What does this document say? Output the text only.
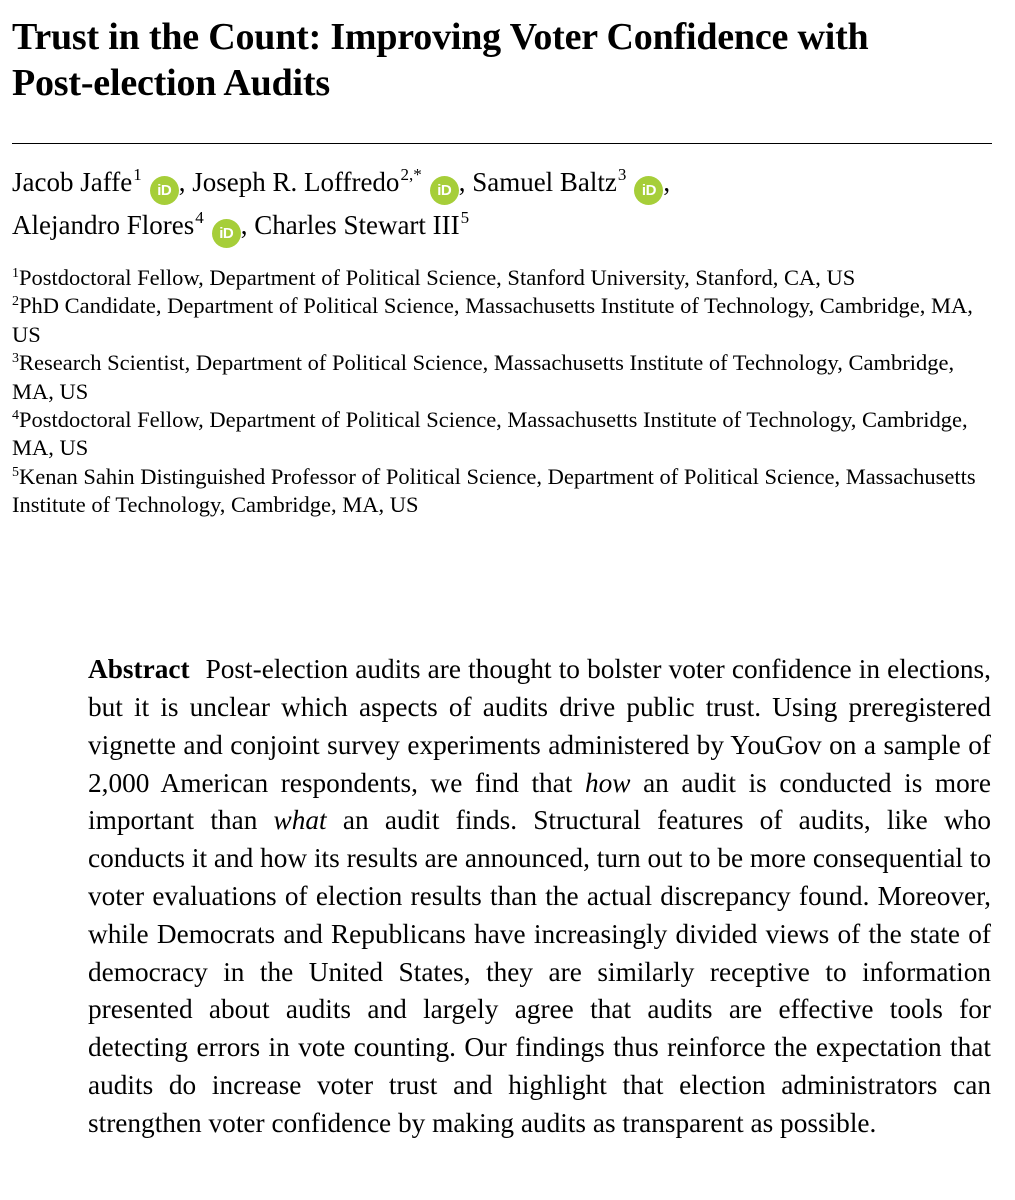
Trust in the Count: Improving Voter Confidence with
Post-election Audits
Jacob Jaffe$^1$iD , Joseph R. Loffredo$^{2,*}$iD , Samuel Baltz$^3$iD ,
Alejandro Flores$^4$iD , Charles Stewart III$^5$
$^1$Postdoctoral Fellow, Department of Political Science, Stanford University, Stanford, CA, US
$^2$PhD Candidate, Department of Political Science, Massachusetts Institute of Technology, Cambridge, MA, US
$^3$Research Scientist, Department of Political Science, Massachusetts Institute of Technology, Cambridge, MA, US
$^4$Postdoctoral Fellow, Department of Political Science, Massachusetts Institute of Technology, Cambridge, MA, US
$^5$Kenan Sahin Distinguished Professor of Political Science, Department of Political Science, Massachusetts Institute of Technology, Cambridge, MA, US

Abstract Post-election audits are thought to bolster voter confidence in elections, but it is unclear which aspects of audits drive public trust. Using preregistered vignette and conjoint survey experiments administered by YouGov on a sample of 2,000 American respondents, we find that how an audit is conducted is more important than what an audit finds. Structural features of audits, like who conducts it and how its results are announced, turn out to be more consequential to voter evaluations of election results than the actual discrepancy found. Moreover, while Democrats and Republicans have increasingly divided views of the state of democracy in the United States, they are similarly receptive to information presented about audits and largely agree that audits are effective tools for detecting errors in vote counting. Our findings thus reinforce the expectation that audits do increase voter trust and highlight that election administrators can strengthen voter confidence by making audits as transparent as possible.
